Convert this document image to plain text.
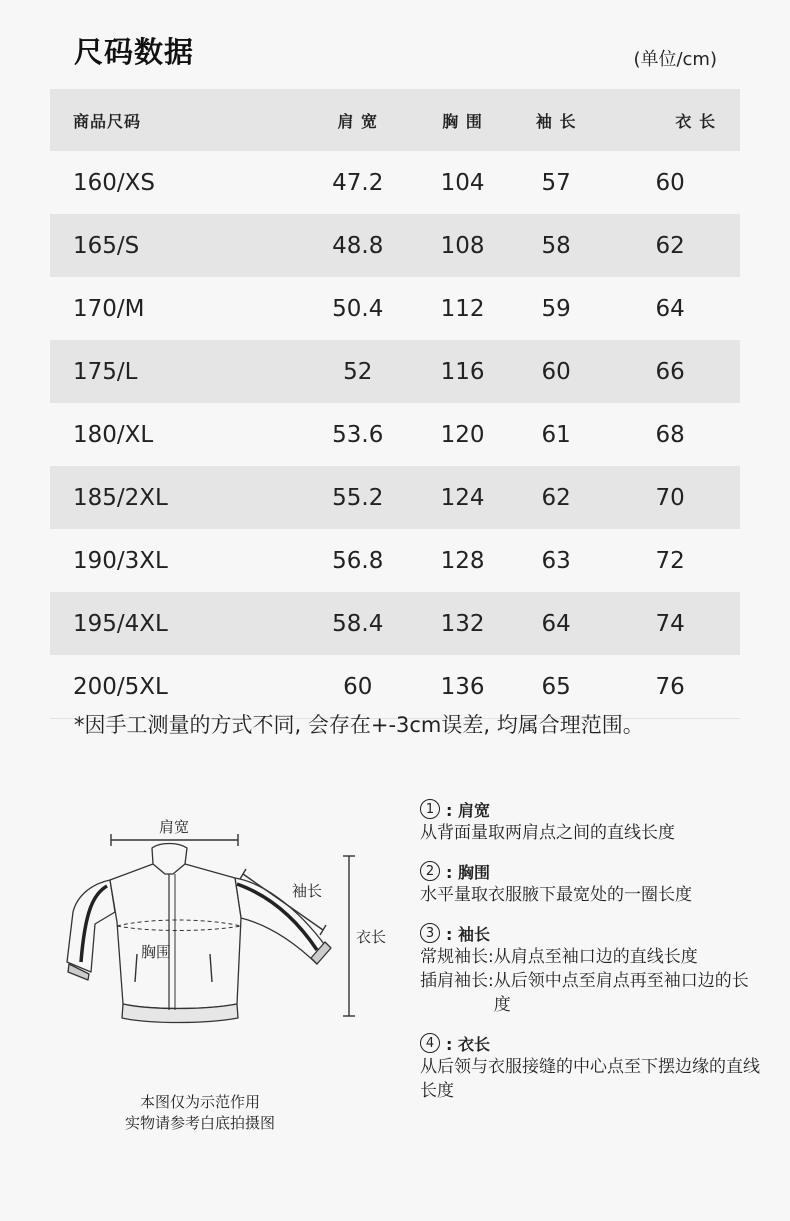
尺码数据	(单位/cm)
商品尺码	肩 宽	胸 围	袖 长	衣 长
160/XS	47.2	104	57	60
165/S	48.8	108	58	62
170/M	50.4	112	59	64
175/L	52	116	60	66
180/XL	53.6	120	61	68
185/2XL	55.2	124	62	70
190/3XL	56.8	128	63	72
195/4XL	58.4	132	64	74
200/5XL	60	136	65	76
*因手工测量的方式不同, 会存在+-3cm误差, 均属合理范围。
肩宽
袖长
衣长
胸围
本图仅为示范作用
实物请参考白底拍摄图
1 : 肩宽
从背面量取两肩点之间的直线长度
2 : 胸围
水平量取衣服腋下最宽处的一圈长度
3 : 袖长
常规袖长: 从肩点至袖口边的直线长度
插肩袖长: 从后领中点至肩点再至袖口边的长度
4 : 衣长
从后领与衣服接缝的中心点至下摆边缘的直线长度
